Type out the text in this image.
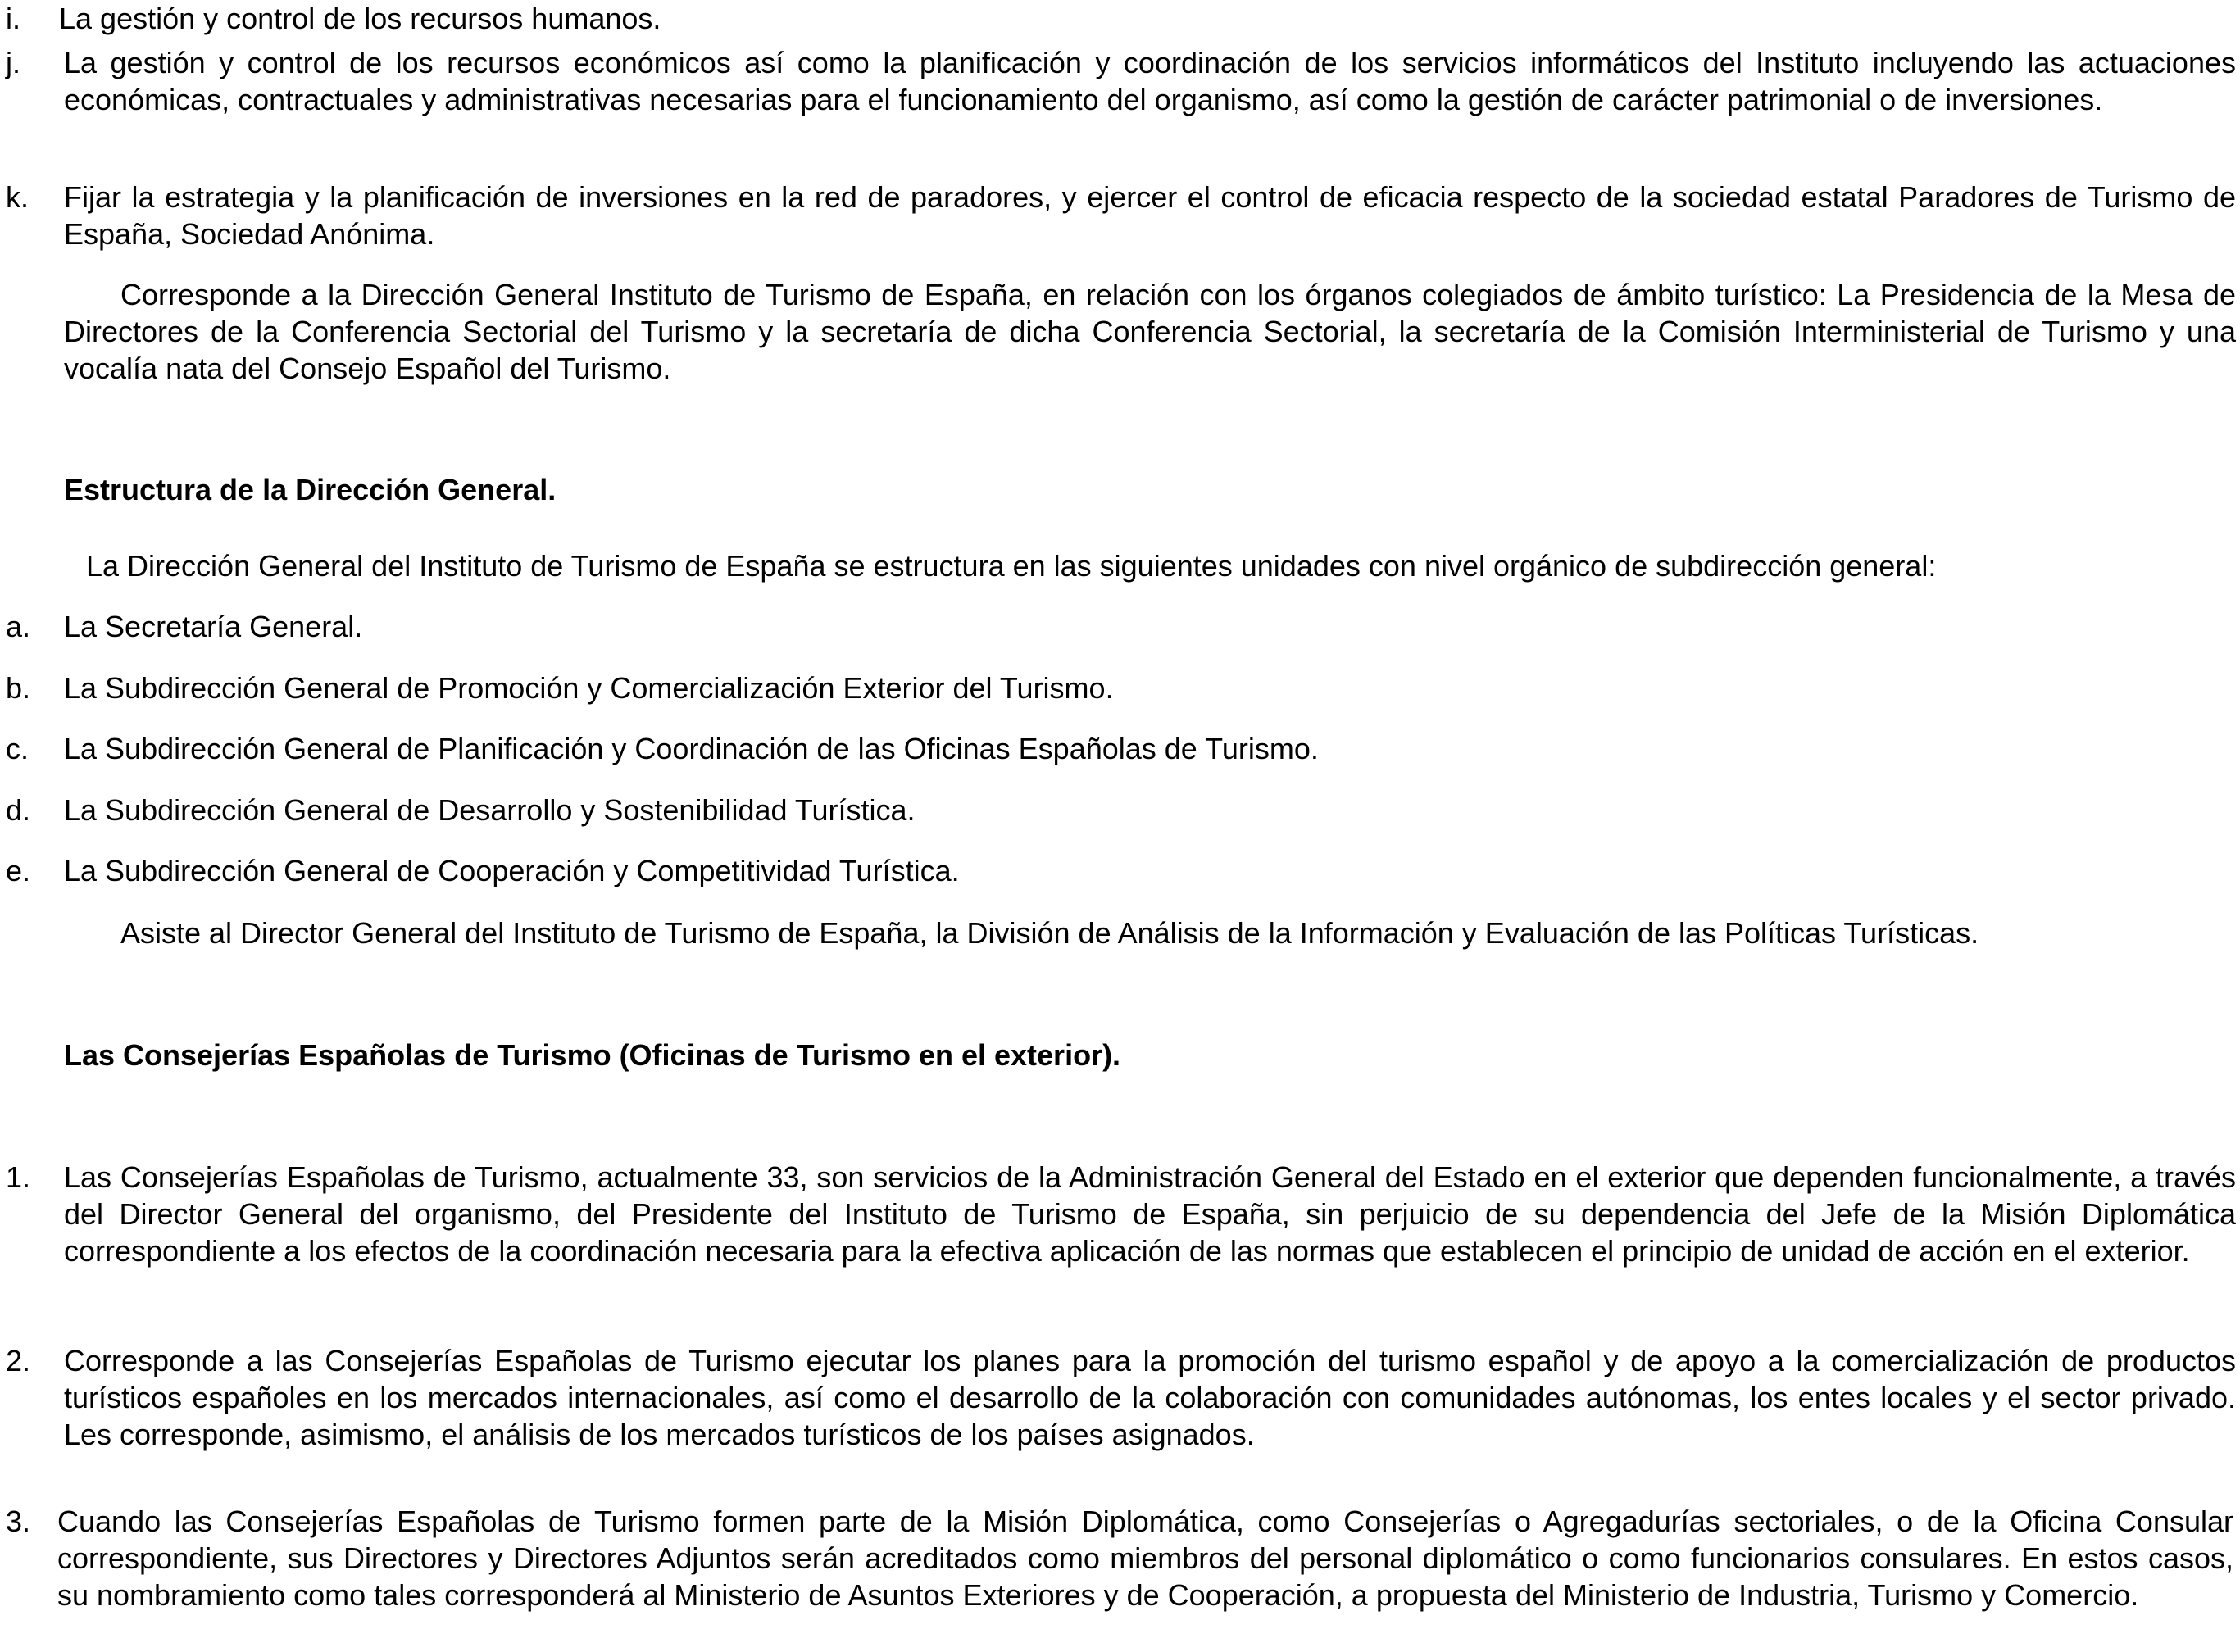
i. La gestión y control de los recursos humanos.
j. La gestión y control de los recursos económicos así como la planificación y coordinación de los servicios informáticos del Instituto incluyendo las actuaciones económicas, contractuales y administrativas necesarias para el funcionamiento del organismo, así como la gestión de carácter patrimonial o de inversiones.
k. Fijar la estrategia y la planificación de inversiones en la red de paradores, y ejercer el control de eficacia respecto de la sociedad estatal Paradores de Turismo de España, Sociedad Anónima.
Corresponde a la Dirección General Instituto de Turismo de España, en relación con los órganos colegiados de ámbito turístico: La Presidencia de la Mesa de Directores de la Conferencia Sectorial del Turismo y la secretaría de dicha Conferencia Sectorial, la secretaría de la Comisión Interministerial de Turismo y una vocalía nata del Consejo Español del Turismo.
Estructura de la Dirección General.
La Dirección General del Instituto de Turismo de España se estructura en las siguientes unidades con nivel orgánico de subdirección general:
a. La Secretaría General.
b. La Subdirección General de Promoción y Comercialización Exterior del Turismo.
c. La Subdirección General de Planificación y Coordinación de las Oficinas Españolas de Turismo.
d. La Subdirección General de Desarrollo y Sostenibilidad Turística.
e. La Subdirección General de Cooperación y Competitividad Turística.
Asiste al Director General del Instituto de Turismo de España, la División de Análisis de la Información y Evaluación de las Políticas Turísticas.
Las Consejerías Españolas de Turismo (Oficinas de Turismo en el exterior).
1. Las Consejerías Españolas de Turismo, actualmente 33, son servicios de la Administración General del Estado en el exterior que dependen funcionalmente, a través del Director General del organismo, del Presidente del Instituto de Turismo de España, sin perjuicio de su dependencia del Jefe de la Misión Diplomática correspondiente a los efectos de la coordinación necesaria para la efectiva aplicación de las normas que establecen el principio de unidad de acción en el exterior.
2. Corresponde a las Consejerías Españolas de Turismo ejecutar los planes para la promoción del turismo español y de apoyo a la comercialización de productos turísticos españoles en los mercados internacionales, así como el desarrollo de la colaboración con comunidades autónomas, los entes locales y el sector privado. Les corresponde, asimismo, el análisis de los mercados turísticos de los países asignados.
3. Cuando las Consejerías Españolas de Turismo formen parte de la Misión Diplomática, como Consejerías o Agregadurías sectoriales, o de la Oficina Consular correspondiente, sus Directores y Directores Adjuntos serán acreditados como miembros del personal diplomático o como funcionarios consulares. En estos casos, su nombramiento como tales corresponderá al Ministerio de Asuntos Exteriores y de Cooperación, a propuesta del Ministerio de Industria, Turismo y Comercio.
